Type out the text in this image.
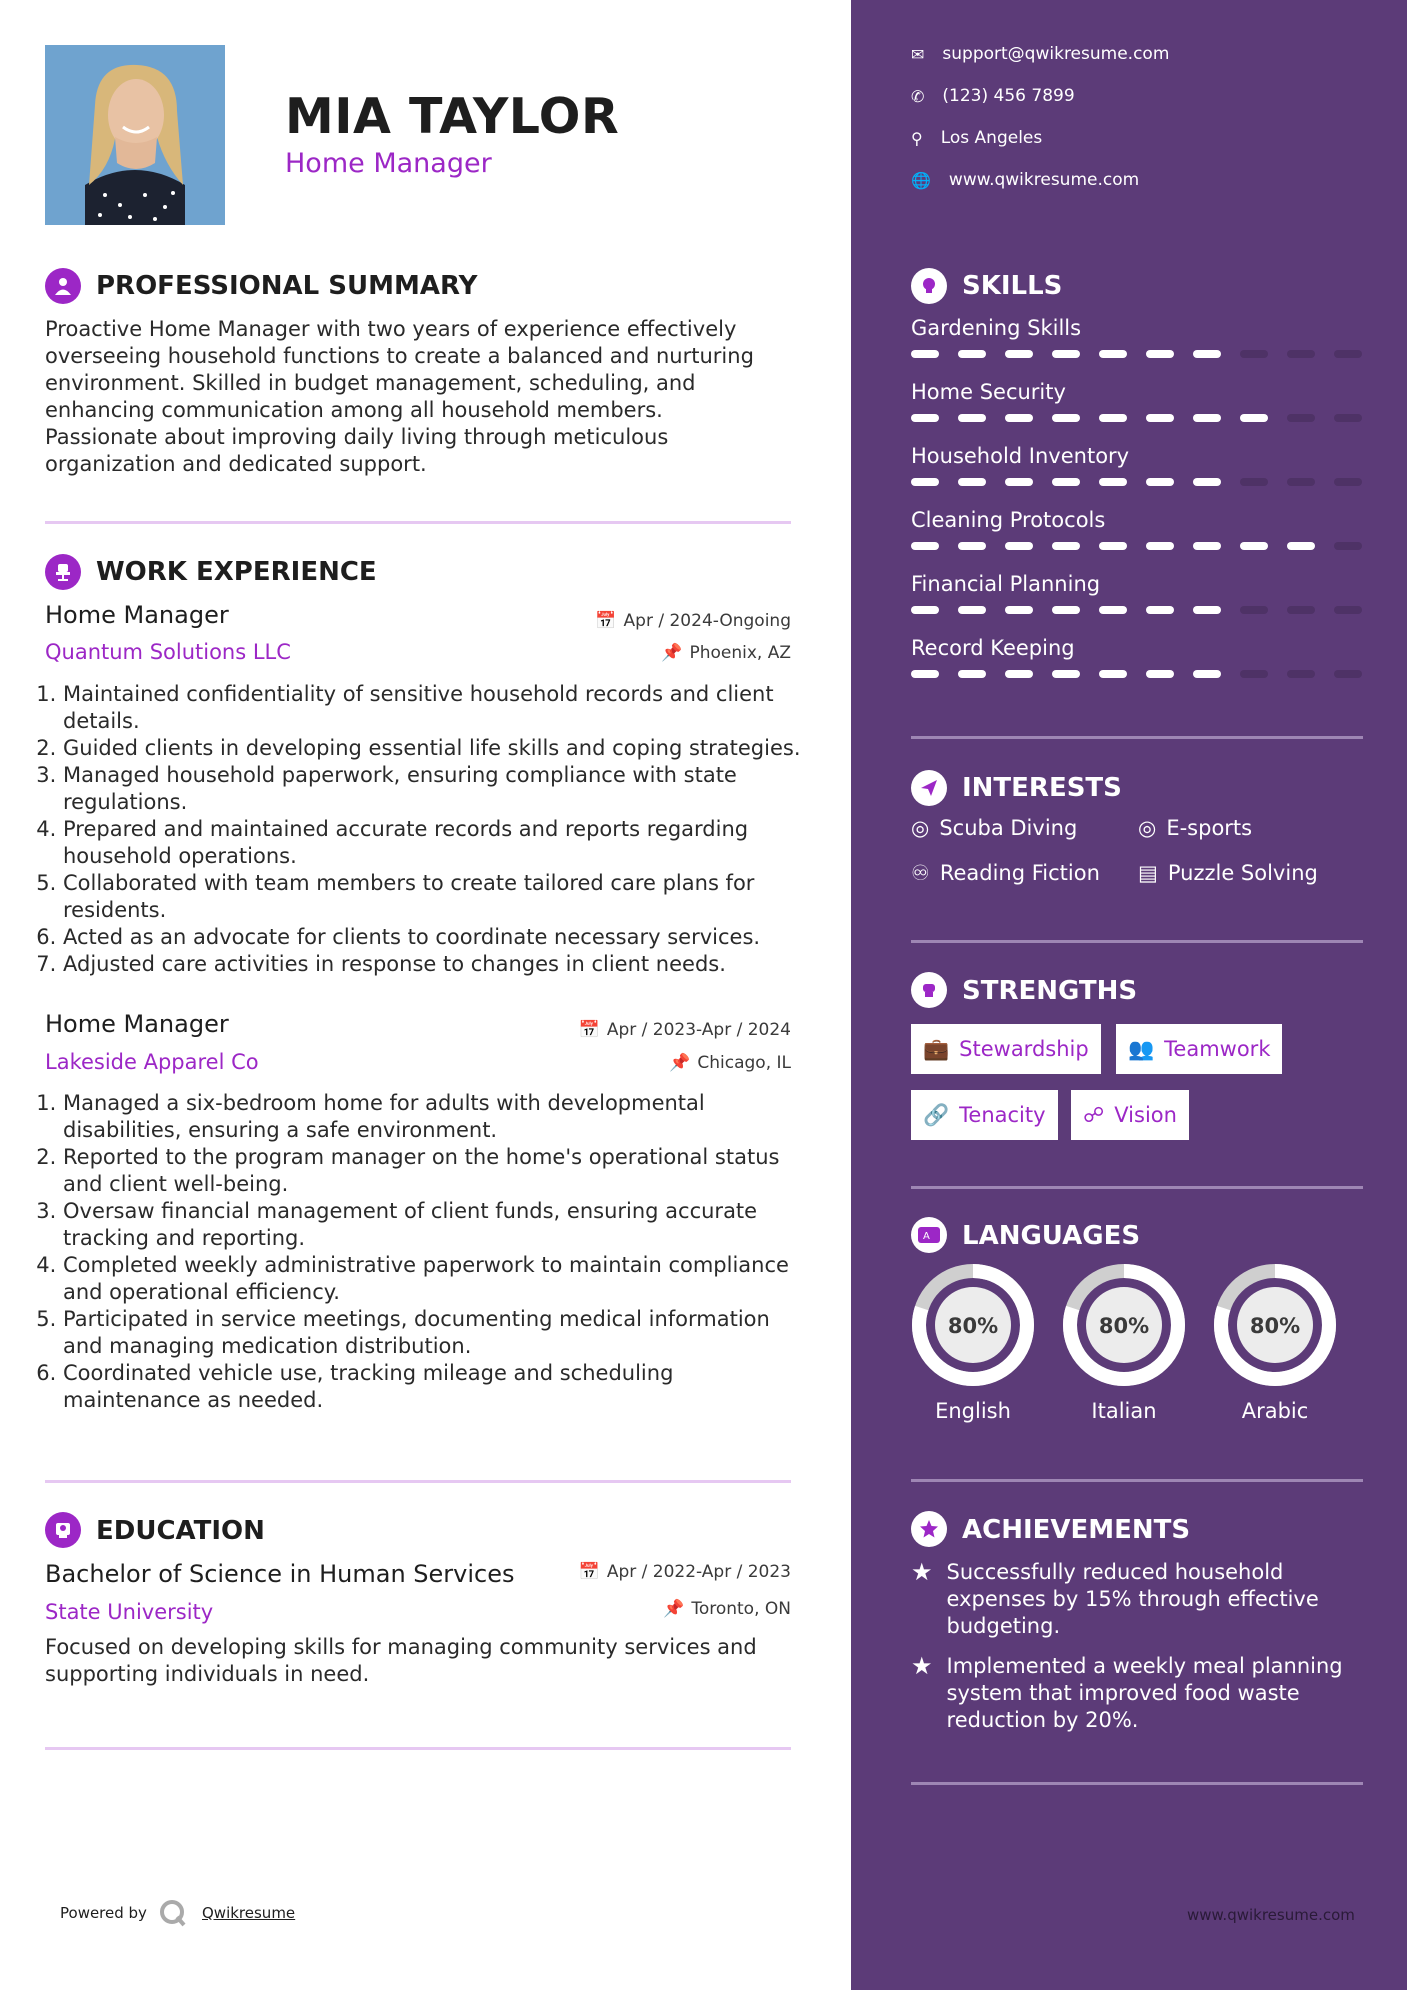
MIA TAYLOR
Home Manager
PROFESSIONAL SUMMARY
Proactive Home Manager with two years of experience effectively
overseeing household functions to create a balanced and nurturing
environment. Skilled in budget management, scheduling, and
enhancing communication among all household members.
Passionate about improving daily living through meticulous
organization and dedicated support.
WORK EXPERIENCE
Home Manager	📅 Apr / 2024-Ongoing
Quantum Solutions LLC	📌 Phoenix, AZ
1. Maintained confidentiality of sensitive household records and client details.
2. Guided clients in developing essential life skills and coping strategies.
3. Managed household paperwork, ensuring compliance with state regulations.
4. Prepared and maintained accurate records and reports regarding household operations.
5. Collaborated with team members to create tailored care plans for residents.
6. Acted as an advocate for clients to coordinate necessary services.
7. Adjusted care activities in response to changes in client needs.
Home Manager	📅 Apr / 2023-Apr / 2024
Lakeside Apparel Co	📌 Chicago, IL
1. Managed a six-bedroom home for adults with developmental disabilities, ensuring a safe environment.
2. Reported to the program manager on the home's operational status and client well-being.
3. Oversaw financial management of client funds, ensuring accurate tracking and reporting.
4. Completed weekly administrative paperwork to maintain compliance and operational efficiency.
5. Participated in service meetings, documenting medical information and managing medication distribution.
6. Coordinated vehicle use, tracking mileage and scheduling maintenance as needed.
EDUCATION
Bachelor of Science in Human Services	📅 Apr / 2022-Apr / 2023
State University	📌 Toronto, ON
Focused on developing skills for managing community services and
supporting individuals in need.
Powered by	Qwikresume
✉ support@qwikresume.com
✆ (123) 456 7899
⚲ Los Angeles
🌐 www.qwikresume.com
SKILLS
Gardening Skills
Home Security
Household Inventory
Cleaning Protocols
Financial Planning
Record Keeping
INTERESTS
◎ Scuba Diving	◎ E-sports
♾ Reading Fiction ▤ Puzzle Solving
STRENGTHS
💼 Stewardship 👥 Teamwork
🔗 Tenacity ☍ Vision
A LANGUAGES
80%
English
80%
Italian
80%
Arabic
ACHIEVEMENTS
★ Successfully reduced household
expenses by 15% through effective
budgeting.
★ Implemented a weekly meal planning
system that improved food waste
reduction by 20%.
www.qwikresume.com
